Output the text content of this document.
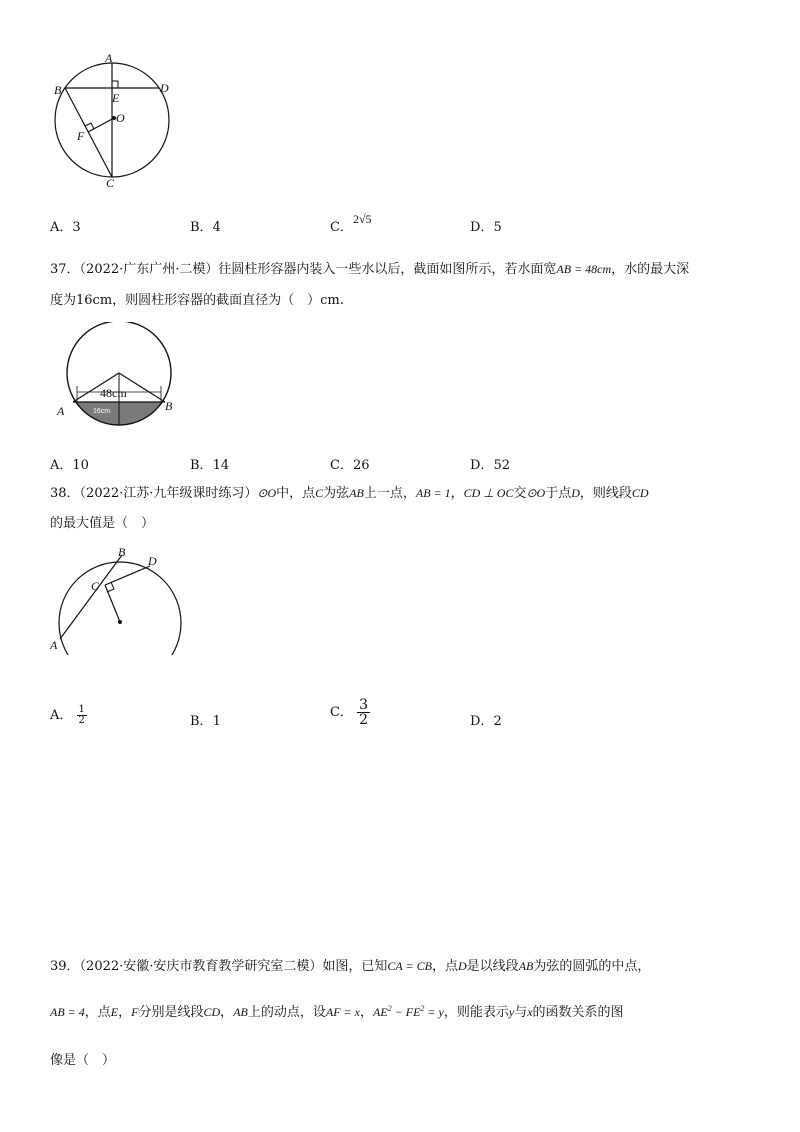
A
B	D
E
O
F
C
A．3	B．4	C．2√5
D．5
37．（2022·广东广州·二模）往圆柱形容器内装入一些水以后，截面如图所示，若水面宽AB = 48cm，水的最大深
度为16cm，则圆柱形容器的截面直径为（　）cm.
48cm
16cm
A	B
A．10	B．14	C．26	D．52
38．（2022·江苏·九年级课时练习）⊙O中，点C为弦AB上一点，AB = 1，CD ⊥ OC交⊙O于点D，则线段CD
的最大值是（　）
B
D
C
A
A． $\frac{1}{2}$	B．1
C． $\frac{3}{2}$	D．2
39．（2022·安徽·安庆市教育教学研究室二模）如图，已知CA = CB，点D是以线段AB为弦的圆弧的中点，
AB = 4，点E，F分别是线段CD，AB上的动点，设AF = x，$AE^2 - FE^2 = y$，则能表示y与x的函数关系的图
像是（　）
